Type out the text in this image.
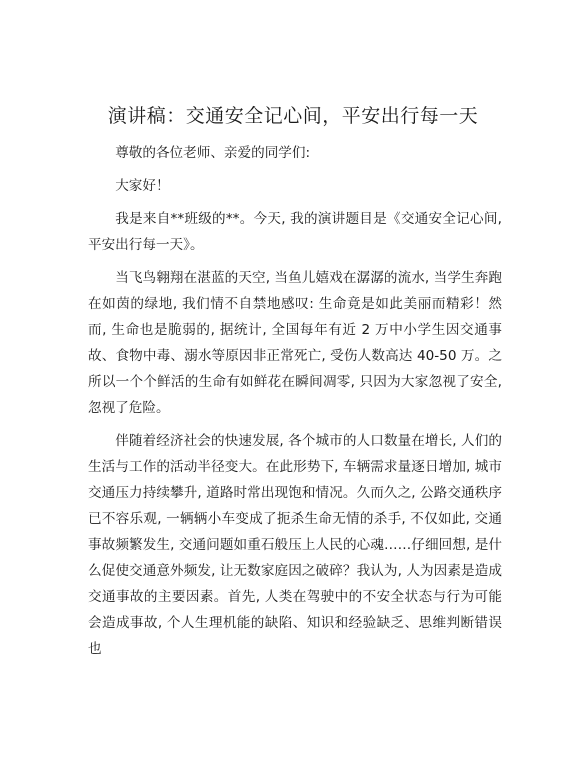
演讲稿：交通安全记心间，平安出行每一天

尊敬的各位老师、亲爱的同学们:

大家好！

我是来自**班级的**。今天, 我的演讲题目是《交通安全记心间, 平安出行每一天》。

当飞鸟翱翔在湛蓝的天空, 当鱼儿嬉戏在潺潺的流水, 当学生奔跑在如茵的绿地, 我们情不自禁地感叹: 生命竟是如此美丽而精彩！然而, 生命也是脆弱的, 据统计, 全国每年有近 2 万中小学生因交通事故、食物中毒、溺水等原因非正常死亡, 受伤人数高达 40-50 万。之所以一个个鲜活的生命有如鲜花在瞬间凋零, 只因为大家忽视了安全, 忽视了危险。

伴随着经济社会的快速发展, 各个城市的人口数量在增长, 人们的生活与工作的活动半径变大。在此形势下, 车辆需求量逐日增加, 城市交通压力持续攀升, 道路时常出现饱和情况。久而久之, 公路交通秩序已不容乐观, 一辆辆小车变成了扼杀生命无情的杀手, 不仅如此, 交通事故频繁发生, 交通问题如重石般压上人民的心魂……仔细回想, 是什么促使交通意外频发, 让无数家庭因之破碎？我认为, 人为因素是造成交通事故的主要因素。首先, 人类在驾驶中的不安全状态与行为可能会造成事故, 个人生理机能的缺陷、知识和经验缺乏、思维判断错误也
